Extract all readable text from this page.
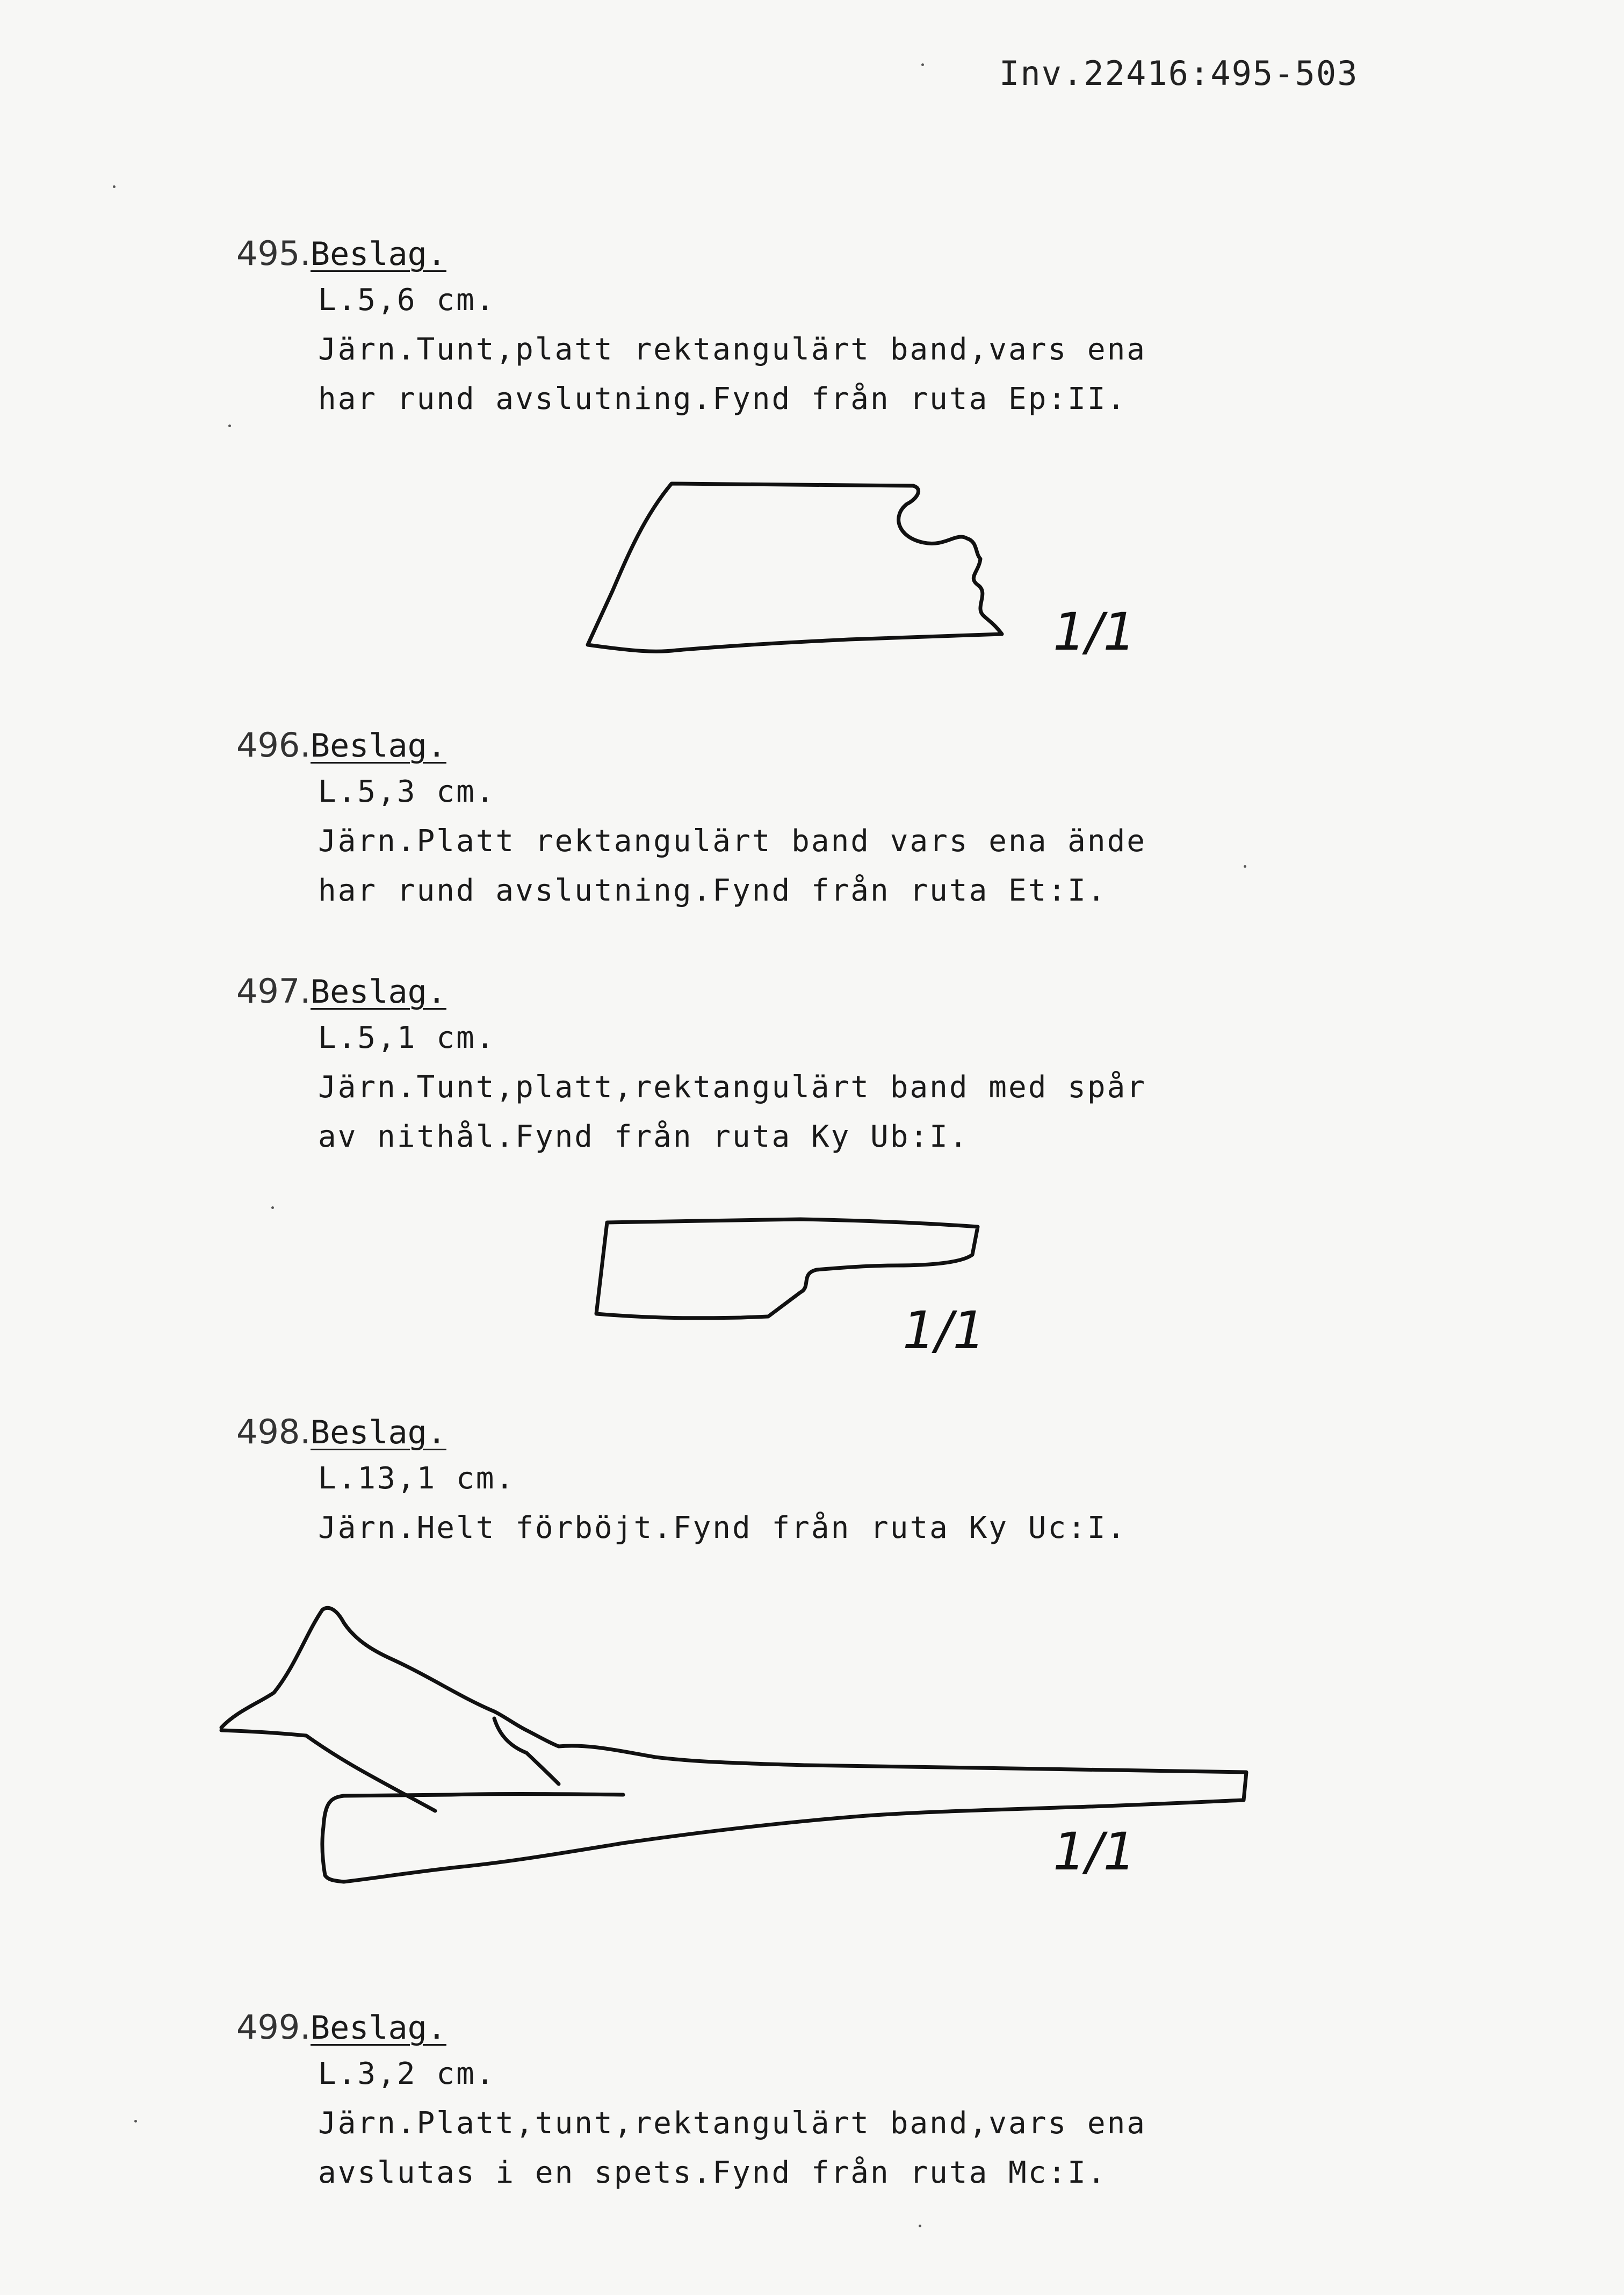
Inv.22416:495-503
495.Beslag.
L.5,6 cm.
Järn.Tunt,platt rektangulärt band,vars ena
har rund avslutning.Fynd från ruta Ep:II.
1/1
496.Beslag.
L.5,3 cm.
Järn.Platt rektangulärt band vars ena ände
har rund avslutning.Fynd från ruta Et:I.
497.Beslag.
L.5,1 cm.
Järn.Tunt,platt,rektangulärt band med spår
av nithål.Fynd från ruta Ky Ub:I.
1/1
498.Beslag.
L.13,1 cm.
Järn.Helt förböjt.Fynd från ruta Ky Uc:I.
1/1
499.Beslag.
L.3,2 cm.
Järn.Platt,tunt,rektangulärt band,vars ena
avslutas i en spets.Fynd från ruta Mc:I.
